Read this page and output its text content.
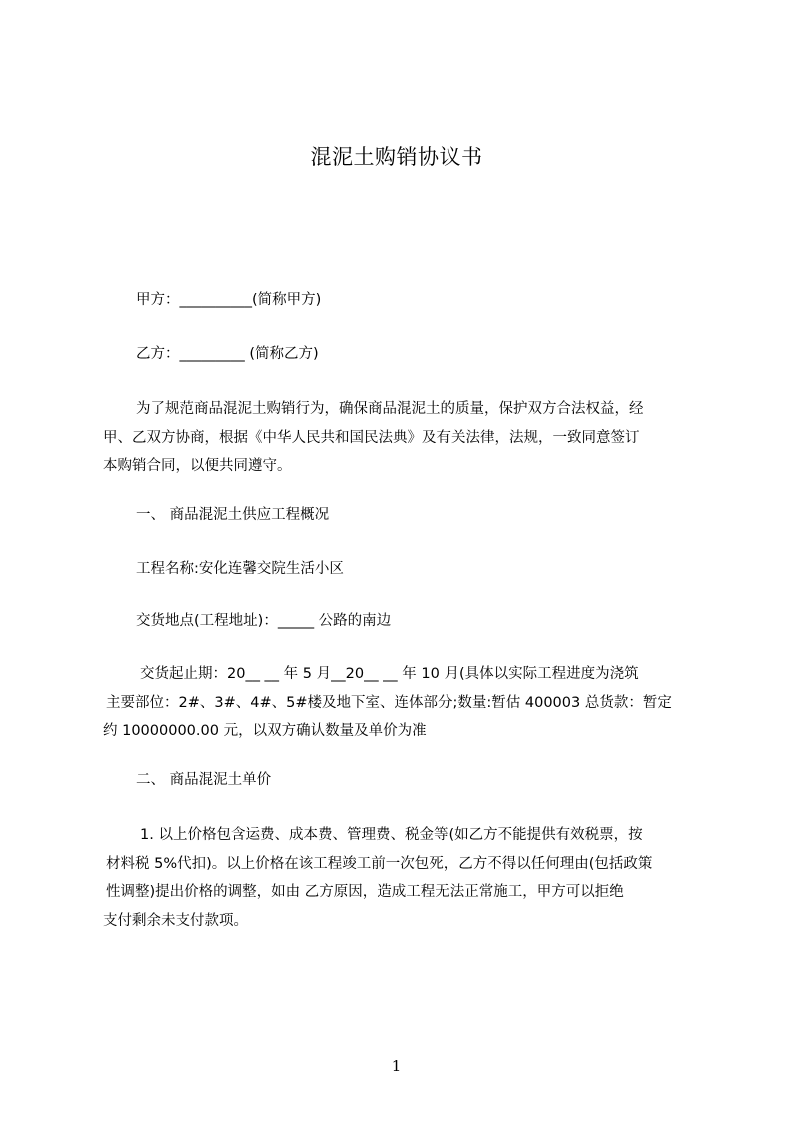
混泥土购销协议书
甲方：__________(简称甲方)
乙方：_________ (简称乙方)
为了规范商品混泥土购销行为，确保商品混泥土的质量，保护双方合法权益，经
甲、乙双方协商，根据《中华人民共和国民法典》及有关法律，法规，一致同意签订
本购销合同，以便共同遵守。
一、 商品混泥土供应工程概况
工程名称:安化连馨交院生活小区
交货地点(工程地址)：_____ 公路的南边
交货起止期：20__ __ 年 5 月__20__ __ 年 10 月(具体以实际工程进度为浇筑
主要部位：2#、3#、4#、5#楼及地下室、连体部分;数量:暂估 400003 总货款：暂定
约 10000000.00 元，以双方确认数量及单价为准
二、 商品混泥土单价
1. 以上价格包含运费、成本费、管理费、税金等(如乙方不能提供有效税票，按
材料税 5%代扣)。以上价格在该工程竣工前一次包死，乙方不得以任何理由(包括政策
性调整)提出价格的调整，如由 乙方原因，造成工程无法正常施工，甲方可以拒绝
支付剩余未支付款项。
1
